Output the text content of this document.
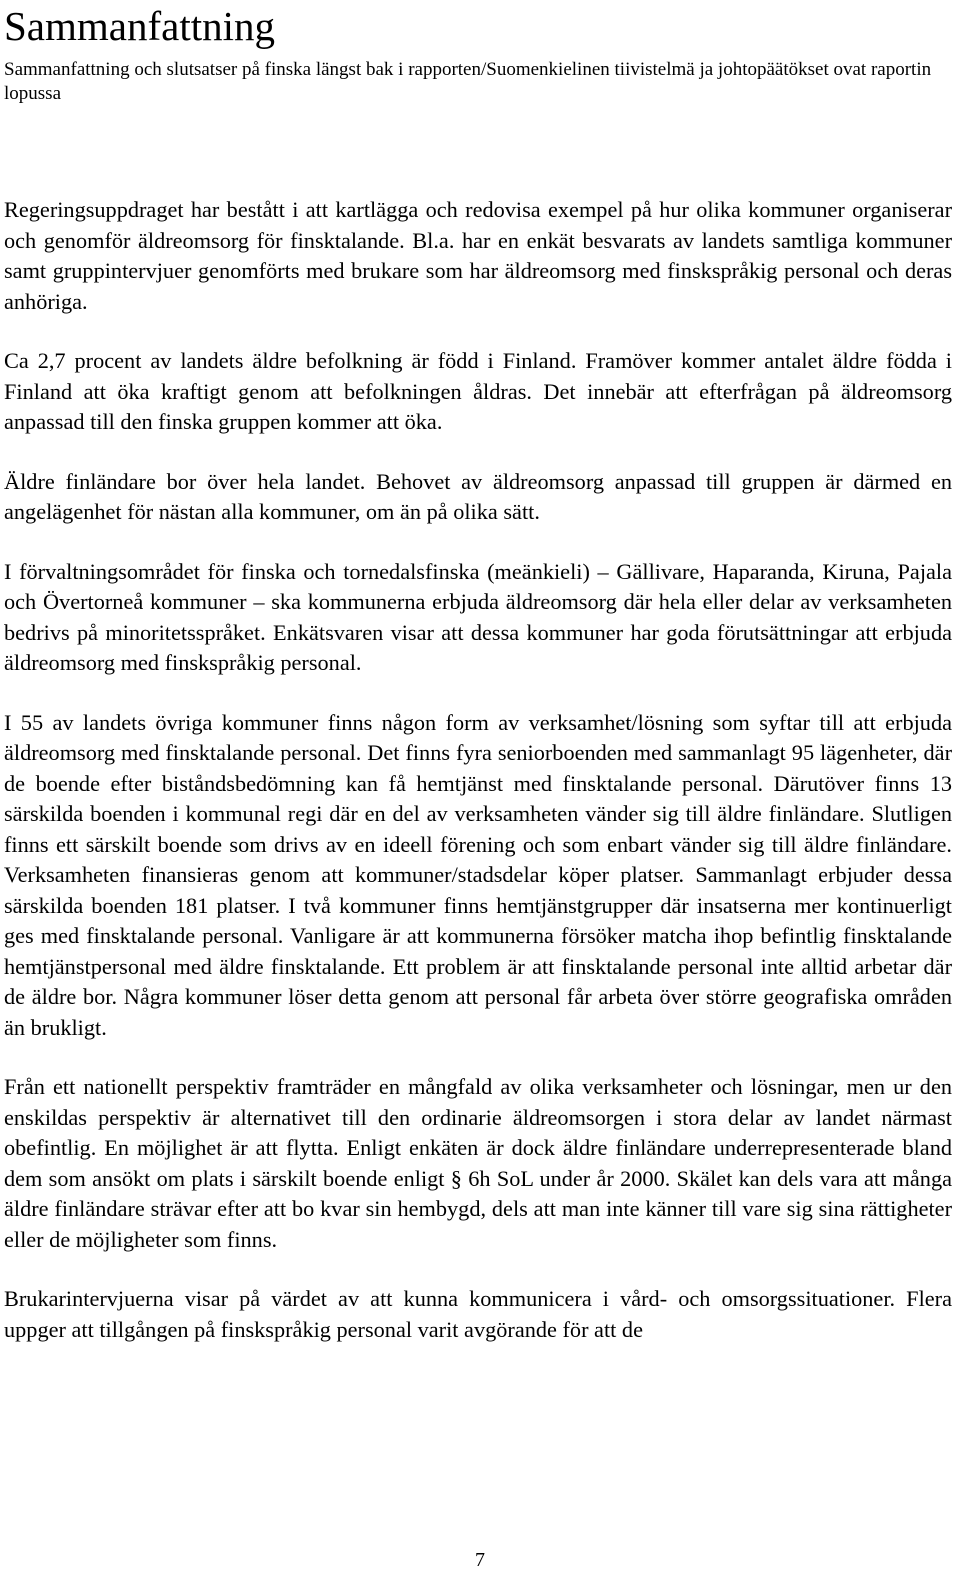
Sammanfattning
Sammanfattning och slutsatser på finska längst bak i rapporten/Suomenkielinen tiivistelmä ja johtopäätökset ovat raportin lopussa

Regeringsuppdraget har bestått i att kartlägga och redovisa exempel på hur olika kommuner organiserar och genomför äldreomsorg för finsktalande. Bl.a. har en enkät besvarats av landets samtliga kommuner samt gruppintervjuer genomförts med brukare som har äldreomsorg med finskspråkig personal och deras anhöriga.

Ca 2,7 procent av landets äldre befolkning är född i Finland. Framöver kommer antalet äldre födda i Finland att öka kraftigt genom att befolkningen åldras. Det innebär att efterfrågan på äldreomsorg anpassad till den finska gruppen kommer att öka.

Äldre finländare bor över hela landet. Behovet av äldreomsorg anpassad till gruppen är därmed en angelägenhet för nästan alla kommuner, om än på olika sätt.

I förvaltningsområdet för finska och tornedalsfinska (meänkieli) – Gällivare, Haparanda, Kiruna, Pajala och Övertorneå kommuner – ska kommunerna erbjuda äldreomsorg där hela eller delar av verksamheten bedrivs på minoritetsspråket. Enkätsvaren visar att dessa kommuner har goda förutsättningar att erbjuda äldreomsorg med finskspråkig personal.

I 55 av landets övriga kommuner finns någon form av verksamhet/lösning som syftar till att erbjuda äldreomsorg med finsktalande personal. Det finns fyra seniorboenden med sammanlagt 95 lägenheter, där de boende efter biståndsbedömning kan få hemtjänst med finsktalande personal. Därutöver finns 13 särskilda boenden i kommunal regi där en del av verksamheten vänder sig till äldre finländare. Slutligen finns ett särskilt boende som drivs av en ideell förening och som enbart vänder sig till äldre finländare. Verksamheten finansieras genom att kommuner/stadsdelar köper platser. Sammanlagt erbjuder dessa särskilda boenden 181 platser. I två kommuner finns hemtjänstgrupper där insatserna mer kontinuerligt ges med finsktalande personal. Vanligare är att kommunerna försöker matcha ihop befintlig finsktalande hemtjänstpersonal med äldre finsktalande. Ett problem är att finsktalande personal inte alltid arbetar där de äldre bor. Några kommuner löser detta genom att personal får arbeta över större geografiska områden än brukligt.

Från ett nationellt perspektiv framträder en mångfald av olika verksamheter och lösningar, men ur den enskildas perspektiv är alternativet till den ordinarie äldreomsorgen i stora delar av landet närmast obefintlig. En möjlighet är att flytta. Enligt enkäten är dock äldre finländare underrepresenterade bland dem som ansökt om plats i särskilt boende enligt § 6h SoL under år 2000. Skälet kan dels vara att många äldre finländare strävar efter att bo kvar sin hembygd, dels att man inte känner till vare sig sina rättigheter eller de möjligheter som finns.

Brukarintervjuerna visar på värdet av att kunna kommunicera i vård- och omsorgssituationer. Flera uppger att tillgången på finskspråkig personal varit avgörande för att de

7
